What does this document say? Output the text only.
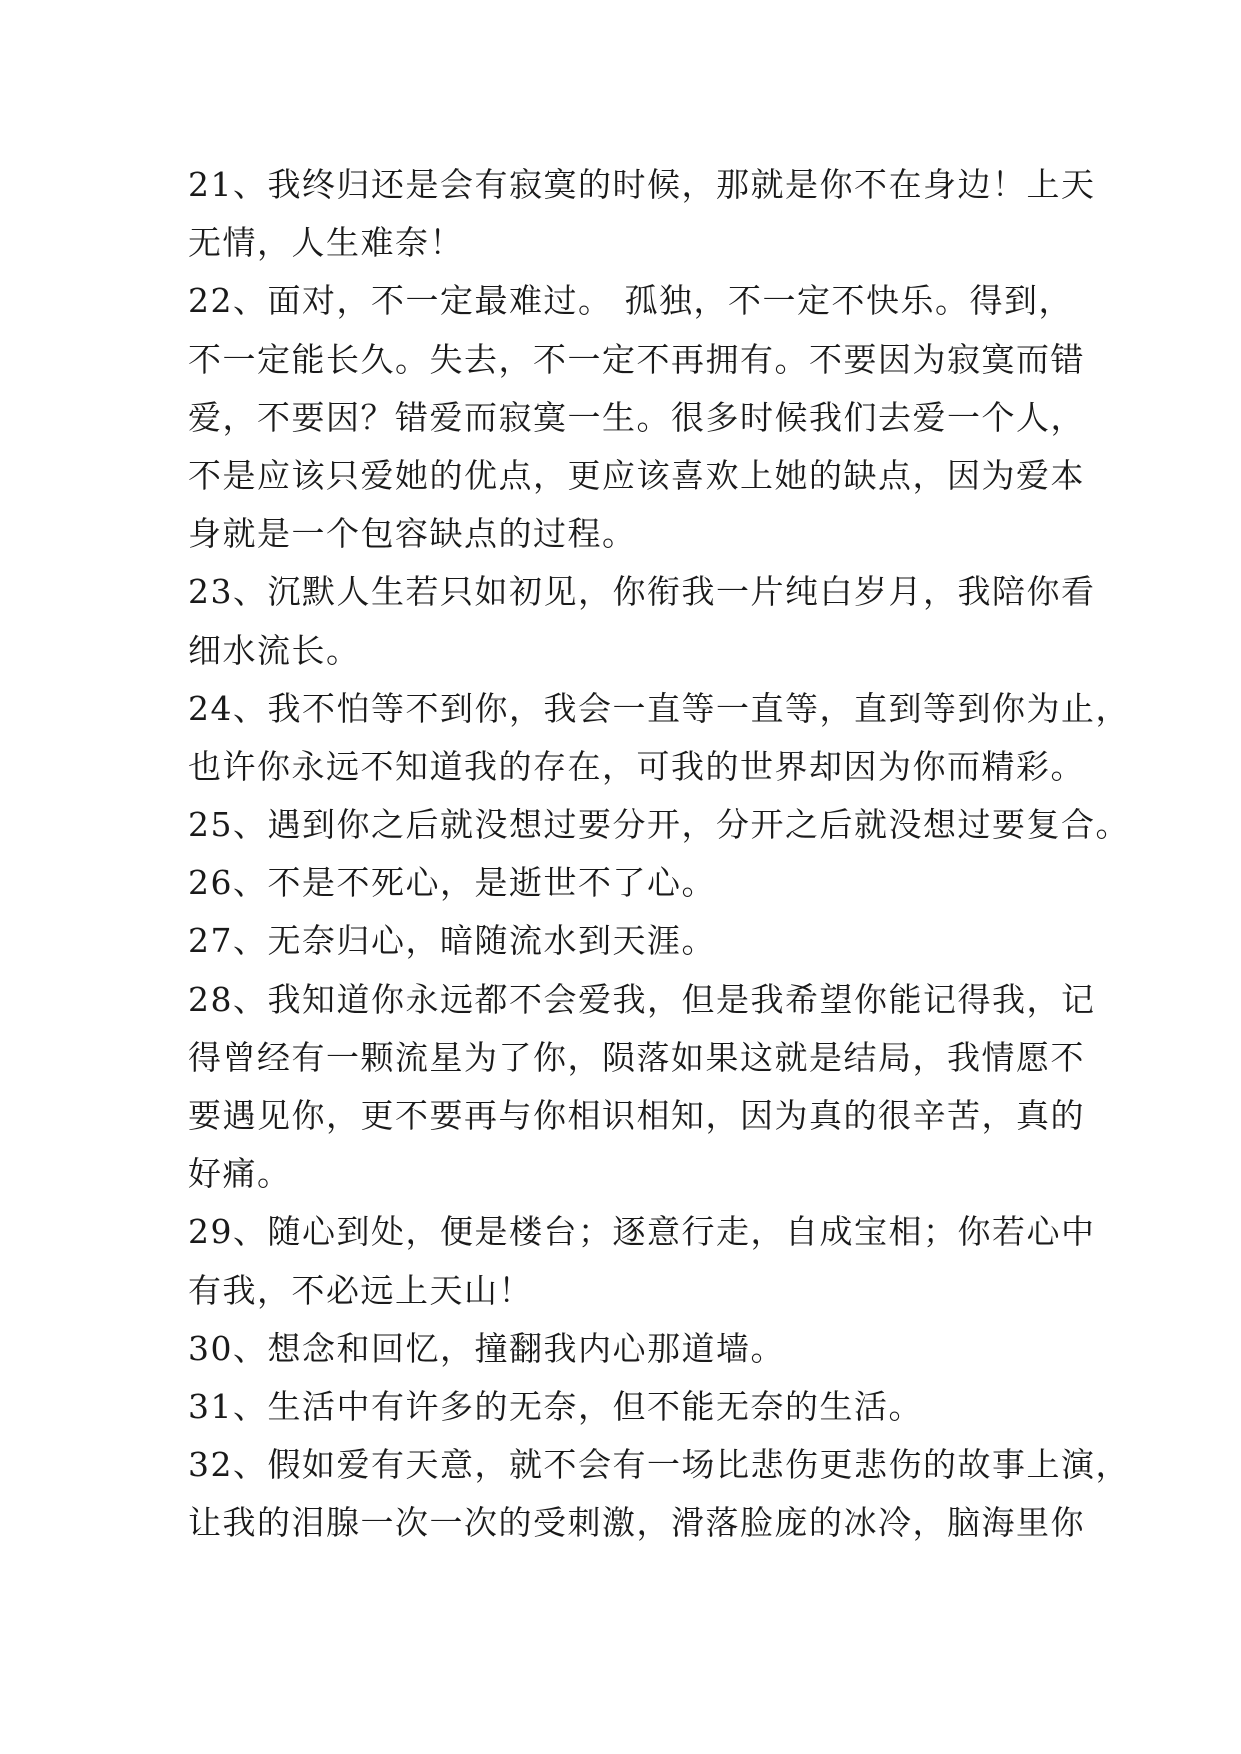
21、我终归还是会有寂寞的时候，那就是你不在身边！上天
无情，人生难奈！
22、面对，不一定最难过。 孤独，不一定不快乐。得到，
不一定能长久。失去，不一定不再拥有。不要因为寂寞而错
爱，不要因？错爱而寂寞一生。很多时候我们去爱一个人，
不是应该只爱她的优点，更应该喜欢上她的缺点，因为爱本
身就是一个包容缺点的过程。
23、沉默人生若只如初见，你衔我一片纯白岁月，我陪你看
细水流长。
24、我不怕等不到你，我会一直等一直等，直到等到你为止，
也许你永远不知道我的存在，可我的世界却因为你而精彩。
25、遇到你之后就没想过要分开，分开之后就没想过要复合。
26、不是不死心，是逝世不了心。
27、无奈归心，暗随流水到天涯。
28、我知道你永远都不会爱我，但是我希望你能记得我，记
得曾经有一颗流星为了你，陨落如果这就是结局，我情愿不
要遇见你，更不要再与你相识相知，因为真的很辛苦，真的
好痛。
29、随心到处，便是楼台；逐意行走，自成宝相；你若心中
有我，不必远上天山！
30、想念和回忆，撞翻我内心那道墙。
31、生活中有许多的无奈，但不能无奈的生活。
32、假如爱有天意，就不会有一场比悲伤更悲伤的故事上演，
让我的泪腺一次一次的受刺激，滑落脸庞的冰冷，脑海里你
